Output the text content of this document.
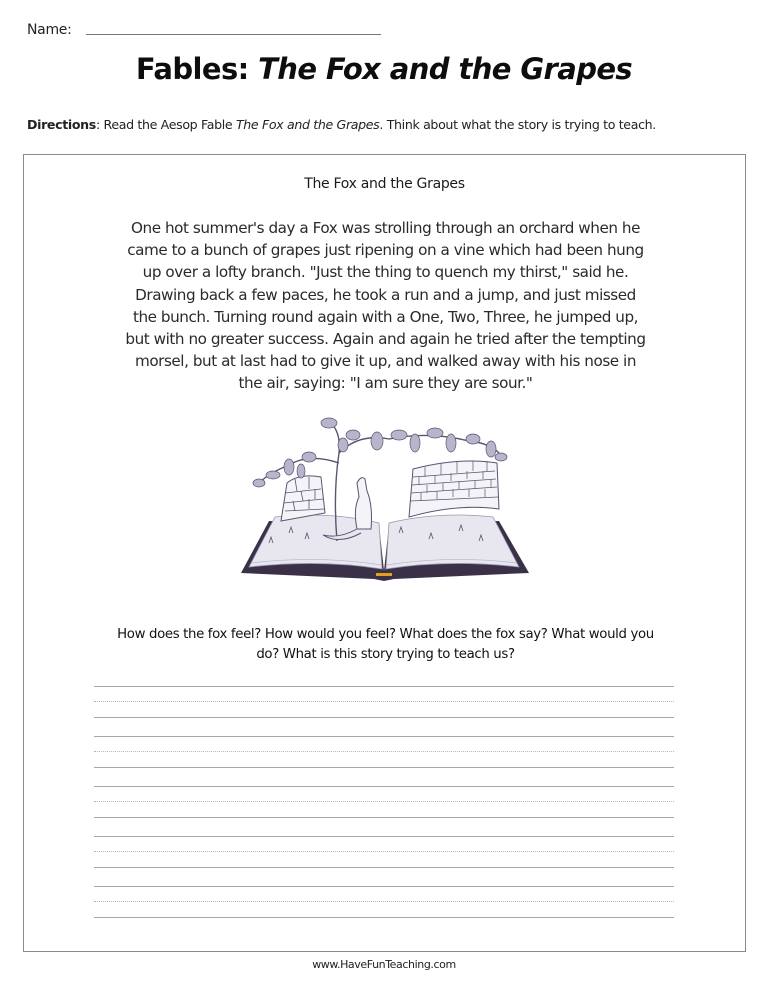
Name:
Fables: The Fox and the Grapes
Directions: Read the Aesop Fable The Fox and the Grapes. Think about what the story is trying to teach.
The Fox and the Grapes
One hot summer's day a Fox was strolling through an orchard when he
came to a bunch of grapes just ripening on a vine which had been hung
up over a lofty branch. "Just the thing to quench my thirst," said he.
Drawing back a few paces, he took a run and a jump, and just missed
the bunch. Turning round again with a One, Two, Three, he jumped up,
but with no greater success. Again and again he tried after the tempting
morsel, but at last had to give it up, and walked away with his nose in
the air, saying: "I am sure they are sour."
How does the fox feel? How would you feel? What does the fox say? What would you
do? What is this story trying to teach us?
www.HaveFunTeaching.com
